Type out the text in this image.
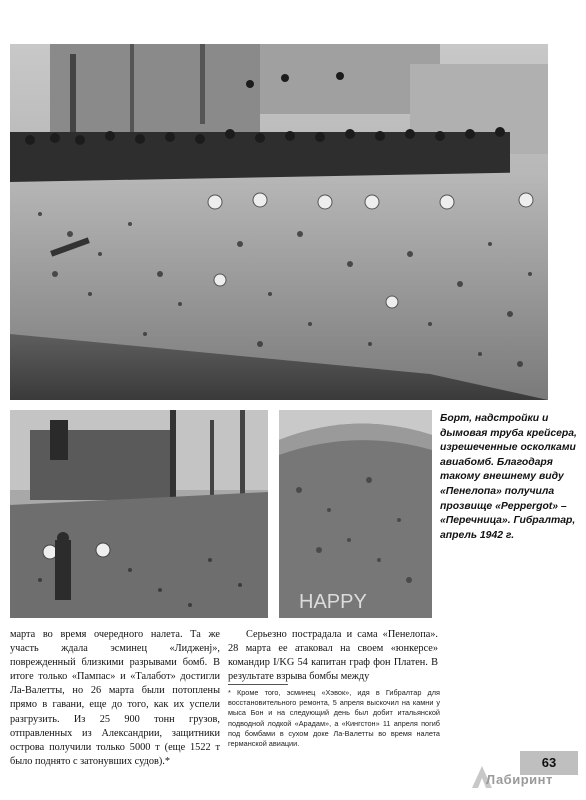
HAPPY
Борт, надстройки и дымовая труба крейсера, изрешеченные осколками авиабомб. Благодаря такому внешнему виду «Пенелопа» получила прозвище «Peppergot» – «Перечница». Гибралтар, апрель 1942 г.
марта во время очередного налета. Та же участь ждала эсминец «Лидженј», поврежденный близкими разрывами бомб. В итоге только «Пампас» и «Талабот» достигли Ла-Валетты, но 26 марта были потоплены прямо в гавани, еще до того, как их успели разгрузить. Из 25 900 тонн грузов, отправленных из Александрии, защитники острова получили только 5000 т (еще 1522 т было поднято с затонувших судов).*
Серьезно пострадала и сама «Пенелопа». 28 марта ее атаковал на своем «юнкерсе» командир I/KG 54 капитан граф фон Платен. В результате взрыва бомбы между
* Кроме того, эсминец «Хэвок», идя в Гибралтар для восстановительного ремонта, 5 апреля выскочил на камни у мыса Бон и на следующий день был добит итальянской подводной лодкой «Арадам», а «Кингстон» 11 апреля погиб под бомбами в сухом доке Ла-Валетты во время налета германской авиации.
63
Лабиринт
